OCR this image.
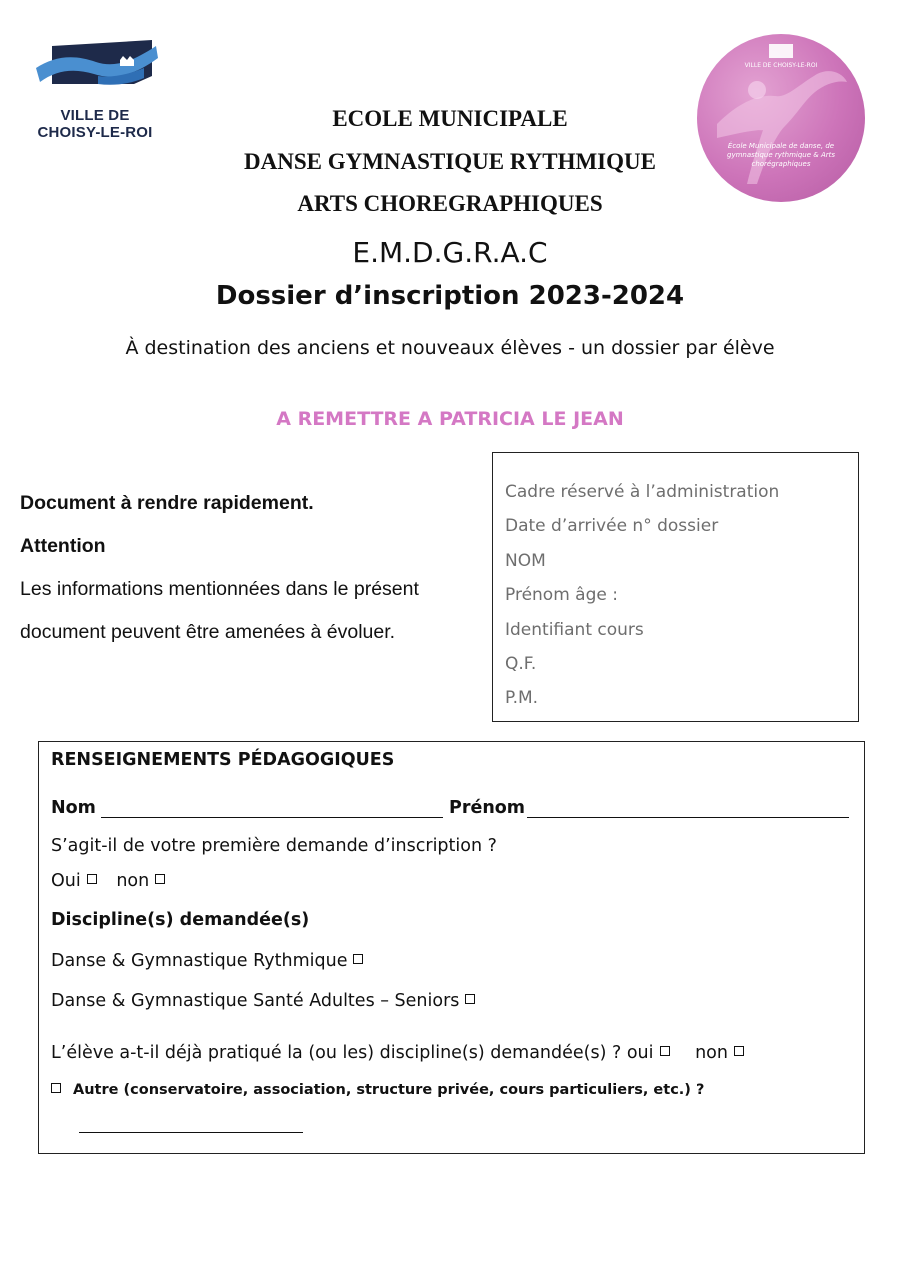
VILLE DE
CHOISY-LE-ROI
VILLE DE CHOISY-LE-ROI
École Municipale de danse, de gymnastique rythmique & Arts chorégraphiques
ECOLE MUNICIPALE
DANSE GYMNASTIQUE RYTHMIQUE
ARTS CHOREGRAPHIQUES
E.M.D.G.R.A.C
Dossier d’inscription 2023-2024
À destination des anciens et nouveaux élèves - un dossier par élève
A REMETTRE A PATRICIA LE JEAN
Document à rendre rapidement.
Attention
Les informations mentionnées dans le présent
document peuvent être amenées à évoluer.
Cadre réservé à l’administration
Date d’arrivée n° dossier
NOM
Prénom âge :
Identifiant cours
Q.F.
P.M.
RENSEIGNEMENTS PÉDAGOGIQUES
Nom	Prénom
S’agit-il de votre première demande d’inscription ?
Oui non
Discipline(s) demandée(s)
Danse & Gymnastique Rythmique
Danse & Gymnastique Santé Adultes – Seniors
L’élève a-t-il déjà pratiqué la (ou les) discipline(s) demandée(s) ? oui non
Autre (conservatoire, association, structure privée, cours particuliers, etc.) ?
